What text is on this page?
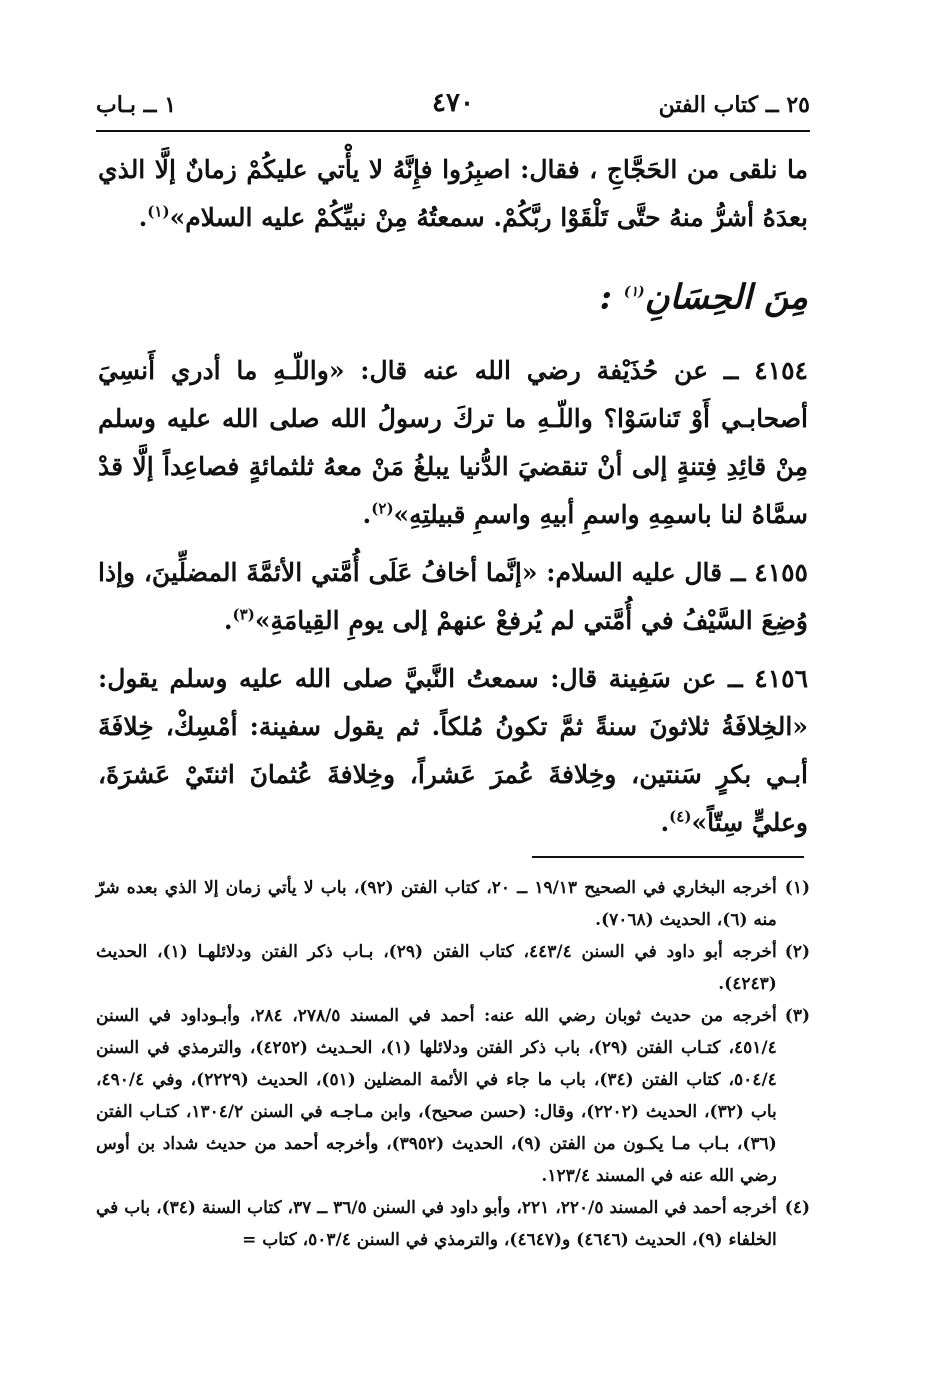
٢٥ ــ كتاب الفتن
٤٧٠
١ ــ بـاب

ما نلقى من الحَجَّاجِ ، فقال: اصبِرُوا فإِنَّهُ لا يأْتي عليكُمْ زمانٌ إلَّا الذي بعدَهُ أشرُّ منهُ حتَّى تَلْقَوْا ربَّكُمْ. سمعتُهُ مِنْ نبيِّكُمْ عليه السلام»$^{(١)}$.

مِنَ الحِسَانِ$^{(١)}$ :

٤١٥٤ ــ عن حُذَيْفة رضي الله عنه قال: «واللّـهِ ما أدري أَنسِيَ أصحابـي أَوْ تَناسَوْا؟ واللّـهِ ما تركَ رسولُ الله صلى الله عليه وسلم مِنْ قائِدِ فِتنةٍ إلى أنْ تنقضيَ الدُّنيا يبلغُ مَنْ معهُ ثلثمائةٍ فصاعِداً إلَّا قدْ سمَّاهُ لنا باسمِهِ واسمِ أبيهِ واسمِ قبيلتِهِ»$^{(٢)}$.

٤١٥٥ ــ قال عليه السلام: «إنَّما أخافُ عَلَى أُمَّتي الأئمَّةَ المضلِّينَ، وإذا وُضِعَ السَّيْفُ في أُمَّتي لم يُرفعْ عنهمْ إلى يومِ القِيامَةِ»$^{(٣)}$.

٤١٥٦ ــ عن سَفِينة قال: سمعتُ النَّبيَّ صلى الله عليه وسلم يقول: «الخِلافَةُ ثلاثونَ سنةً ثمَّ تكونُ مُلكاً. ثم يقول سفينة: أمْسِكْ، خِلافَةَ أبـي بكرٍ سَنتين، وخِلافةَ عُمرَ عَشراً، وخِلافةَ عُثمانَ اثنتَيْ عَشرَةَ، وعليٍّ سِتّاً»$^{(٤)}$.

(١)
أخرجه البخاري في الصحيح ١٩/١٣ ــ ٢٠، كتاب الفتن (٩٢)، باب لا يأتي زمان إلا الذي بعده شرّ منه (٦)، الحديث (٧٠٦٨).
(٢)
أخرجه أبو داود في السنن ٤٤٣/٤، كتاب الفتن (٢٩)، بـاب ذكر الفتن ودلائلهـا (١)، الحديث (٤٢٤٣).
(٣)
أخرجه من حديث ثوبان رضي الله عنه: أحمد في المسند ٢٧٨/٥، ٢٨٤، وأبـوداود في السنن ٤٥١/٤، كتـاب الفتن (٢٩)، باب ذكر الفتن ودلائلها (١)، الحـديث (٤٢٥٢)، والترمذي في السنن ٥٠٤/٤، كتاب الفتن (٣٤)، باب ما جاء في الأئمة المضلين (٥١)، الحديث (٢٢٢٩)، وفي ٤٩٠/٤، باب (٣٢)، الحديث (٢٢٠٢)، وقال: (حسن صحيح)، وابن مـاجـه في السنن ١٣٠٤/٢، كتـاب الفتن (٣٦)، بـاب مـا يكـون من الفتن (٩)، الحديث (٣٩٥٢)، وأخرجه أحمد من حديث شداد بن أوس رضي الله عنه في المسند ١٢٣/٤.
(٤)
أخرجه أحمد في المسند ٢٢٠/٥، ٢٢١، وأبو داود في السنن ٣٦/٥ ــ ٣٧، كتاب السنة (٣٤)، باب في الخلفاء (٩)، الحديث (٤٦٤٦) و(٤٦٤٧)، والترمذي في السنن ٥٠٣/٤، كتاب =
